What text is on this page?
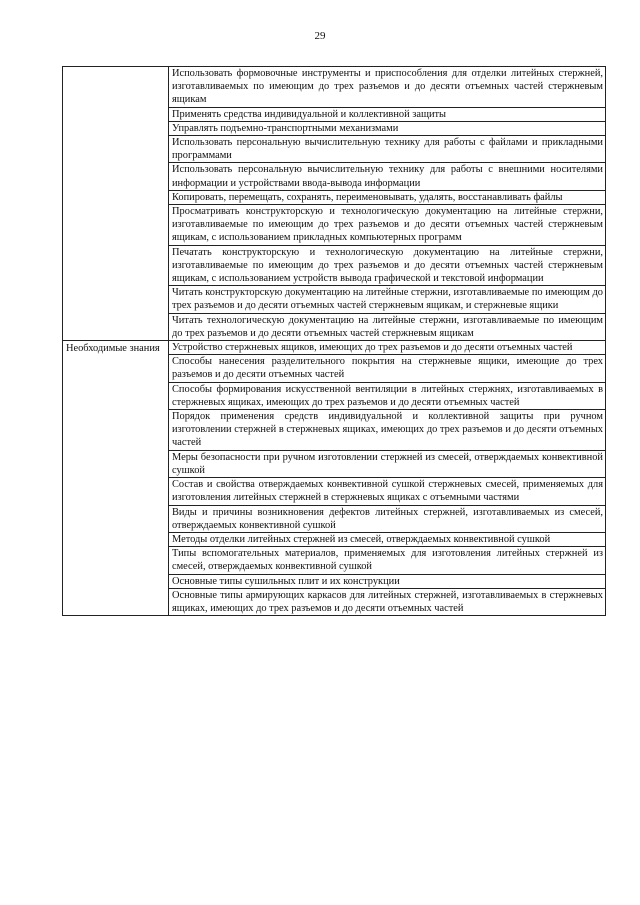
29
	Использовать формовочные инструменты и приспособления для отделки литейных стержней, изготавливаемых по имеющим до трех разъемов и до десяти отъемных частей стержневым ящикам
	Применять средства индивидуальной и коллективной защиты
	Управлять подъемно-транспортными механизмами
	Использовать персональную вычислительную технику для работы с файлами и прикладными программами
	Использовать персональную вычислительную технику для работы с внешними носителями информации и устройствами ввода-вывода информации
	Копировать, перемещать, сохранять, переименовывать, удалять, восстанавливать файлы
	Просматривать конструкторскую и технологическую документацию на литейные стержни, изготавливаемые по имеющим до трех разъемов и до десяти отъемных частей стержневым ящикам, с использованием прикладных компьютерных программ
	Печатать конструкторскую и технологическую документацию на литейные стержни, изготавливаемые по имеющим до трех разъемов и до десяти отъемных частей стержневым ящикам, с использованием устройств вывода графической и текстовой информации
	Читать конструкторскую документацию на литейные стержни, изготавливаемые по имеющим до трех разъемов и до десяти отъемных частей стержневым ящикам, и стержневые ящики
	Читать технологическую документацию на литейные стержни, изготавливаемые по имеющим до трех разъемов и до десяти отъемных частей стержневым ящикам

Необходимые знания	Устройство стержневых ящиков, имеющих до трех разъемов и до десяти отъемных частей
	Способы нанесения разделительного покрытия на стержневые ящики, имеющие до трех разъемов и до десяти отъемных частей
	Способы формирования искусственной вентиляции в литейных стержнях, изготавливаемых в стержневых ящиках, имеющих до трех разъемов и до десяти отъемных частей
	Порядок применения средств индивидуальной и коллективной защиты при ручном изготовлении стержней в стержневых ящиках, имеющих до трех разъемов и до десяти отъемных частей
	Меры безопасности при ручном изготовлении стержней из смесей, отверждаемых конвективной сушкой
	Состав и свойства отверждаемых конвективной сушкой стержневых смесей, применяемых для изготовления литейных стержней в стержневых ящиках с отъемными частями
	Виды и причины возникновения дефектов литейных стержней, изготавливаемых из смесей, отверждаемых конвективной сушкой
	Методы отделки литейных стержней из смесей, отверждаемых конвективной сушкой
	Типы вспомогательных материалов, применяемых для изготовления литейных стержней из смесей, отверждаемых конвективной сушкой
	Основные типы сушильных плит и их конструкции
	Основные типы армирующих каркасов для литейных стержней, изготавливаемых в стержневых ящиках, имеющих до трех разъемов и до десяти отъемных частей
